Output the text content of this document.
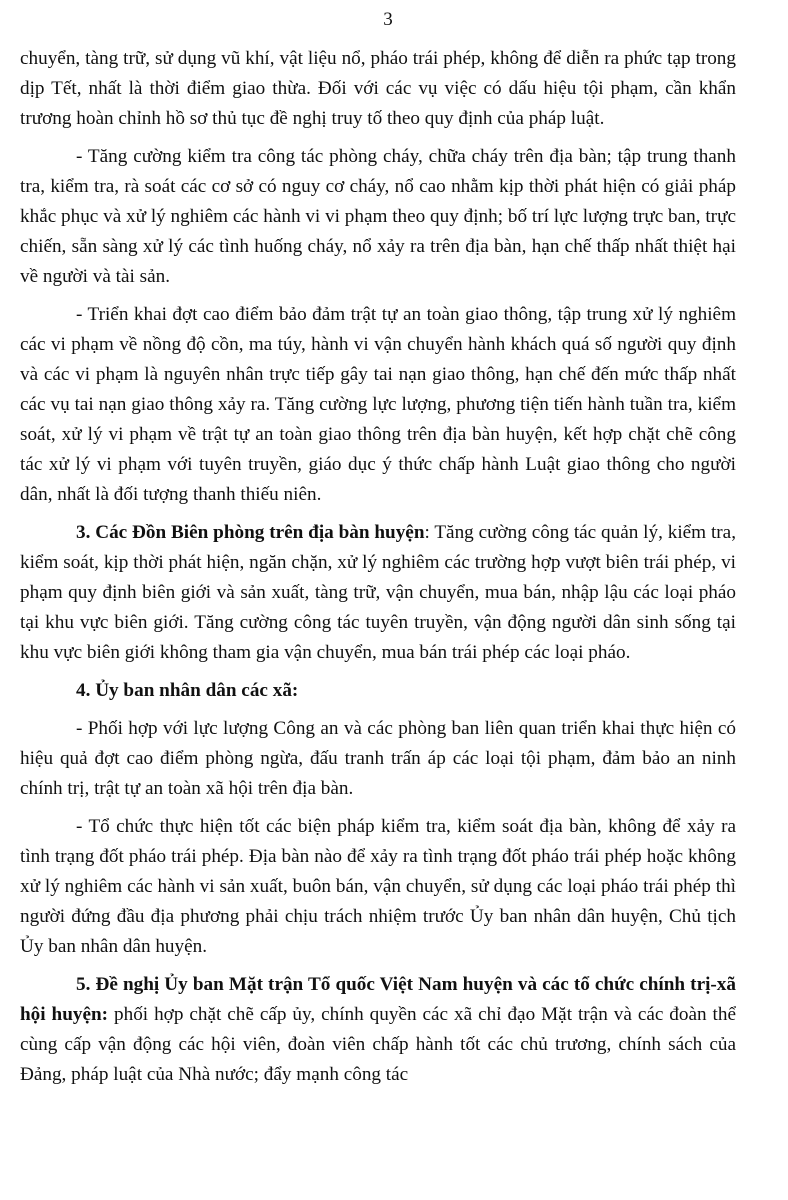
3

chuyển, tàng trữ, sử dụng vũ khí, vật liệu nổ, pháo trái phép, không để diễn ra phức tạp trong dịp Tết, nhất là thời điểm giao thừa. Đối với các vụ việc có dấu hiệu tội phạm, cần khẩn trương hoàn chỉnh hồ sơ thủ tục đề nghị truy tố theo quy định của pháp luật.

- Tăng cường kiểm tra công tác phòng cháy, chữa cháy trên địa bàn; tập trung thanh tra, kiểm tra, rà soát các cơ sở có nguy cơ cháy, nổ cao nhằm kịp thời phát hiện có giải pháp khắc phục và xử lý nghiêm các hành vi vi phạm theo quy định; bố trí lực lượng trực ban, trực chiến, sẵn sàng xử lý các tình huống cháy, nổ xảy ra trên địa bàn, hạn chế thấp nhất thiệt hại về người và tài sản.

- Triển khai đợt cao điểm bảo đảm trật tự an toàn giao thông, tập trung xử lý nghiêm các vi phạm về nồng độ cồn, ma túy, hành vi vận chuyển hành khách quá số người quy định và các vi phạm là nguyên nhân trực tiếp gây tai nạn giao thông, hạn chế đến mức thấp nhất các vụ tai nạn giao thông xảy ra. Tăng cường lực lượng, phương tiện tiến hành tuần tra, kiểm soát, xử lý vi phạm về trật tự an toàn giao thông trên địa bàn huyện, kết hợp chặt chẽ công tác xử lý vi phạm với tuyên truyền, giáo dục ý thức chấp hành Luật giao thông cho người dân, nhất là đối tượng thanh thiếu niên.

3. Các Đồn Biên phòng trên địa bàn huyện: Tăng cường công tác quản lý, kiểm tra, kiểm soát, kịp thời phát hiện, ngăn chặn, xử lý nghiêm các trường hợp vượt biên trái phép, vi phạm quy định biên giới và sản xuất, tàng trữ, vận chuyển, mua bán, nhập lậu các loại pháo tại khu vực biên giới. Tăng cường công tác tuyên truyền, vận động người dân sinh sống tại khu vực biên giới không tham gia vận chuyển, mua bán trái phép các loại pháo.

4. Ủy ban nhân dân các xã:

- Phối hợp với lực lượng Công an và các phòng ban liên quan triển khai thực hiện có hiệu quả đợt cao điểm phòng ngừa, đấu tranh trấn áp các loại tội phạm, đảm bảo an ninh chính trị, trật tự an toàn xã hội trên địa bàn.

- Tổ chức thực hiện tốt các biện pháp kiểm tra, kiểm soát địa bàn, không để xảy ra tình trạng đốt pháo trái phép. Địa bàn nào để xảy ra tình trạng đốt pháo trái phép hoặc không xử lý nghiêm các hành vi sản xuất, buôn bán, vận chuyển, sử dụng các loại pháo trái phép thì người đứng đầu địa phương phải chịu trách nhiệm trước Ủy ban nhân dân huyện, Chủ tịch Ủy ban nhân dân huyện.

5. Đề nghị Ủy ban Mặt trận Tổ quốc Việt Nam huyện và các tổ chức chính trị-xã hội huyện: phối hợp chặt chẽ cấp ủy, chính quyền các xã chỉ đạo Mặt trận và các đoàn thể cùng cấp vận động các hội viên, đoàn viên chấp hành tốt các chủ trương, chính sách của Đảng, pháp luật của Nhà nước; đẩy mạnh công tác
